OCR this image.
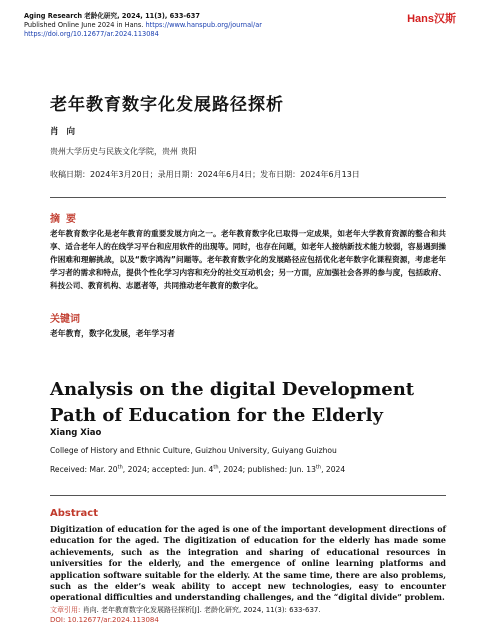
Aging Research 老龄化研究, 2024, 11(3), 633-637
Published Online June 2024 in Hans. https://www.hanspub.org/journal/ar
https://doi.org/10.12677/ar.2024.113084
Hans汉斯
老年教育数字化发展路径探析
肖向
贵州大学历史与民族文化学院，贵州 贵阳
收稿日期：2024年3月20日；录用日期：2024年6月4日；发布日期：2024年6月13日
摘要
老年教育数字化是老年教育的重要发展方向之一。老年教育数字化已取得一定成果，如老年大学教育资源的整合和共享、适合老年人的在线学习平台和应用软件的出现等。同时，也存在问题，如老年人接纳新技术能力较弱，容易遇到操作困难和理解挑战，以及“数字鸿沟”问题等。老年教育数字化的发展路径应包括优化老年数字化课程资源，考虑老年学习者的需求和特点，提供个性化学习内容和充分的社交互动机会；另一方面，应加强社会各界的参与度，包括政府、科技公司、教育机构、志愿者等，共同推动老年教育的数字化。
关键词
老年教育，数字化发展，老年学习者
Analysis on the digital Development Path of Education for the Elderly
Xiang Xiao
College of History and Ethnic Culture, Guizhou University, Guiyang Guizhou
Received: Mar. 20th, 2024; accepted: Jun. 4th, 2024; published: Jun. 13th, 2024
Abstract
Digitization of education for the aged is one of the important development directions of education for the aged. The digitization of education for the elderly has made some achievements, such as the integration and sharing of educational resources in universities for the elderly, and the emergence of online learning platforms and application software suitable for the elderly. At the same time, there are also problems, such as the elder’s weak ability to accept new technologies, easy to encounter operational difficulties and understanding challenges, and the “digital divide” problem.
文章引用: 肖向. 老年教育数字化发展路径探析[J]. 老龄化研究, 2024, 11(3): 633-637.
DOI: 10.12677/ar.2024.113084
